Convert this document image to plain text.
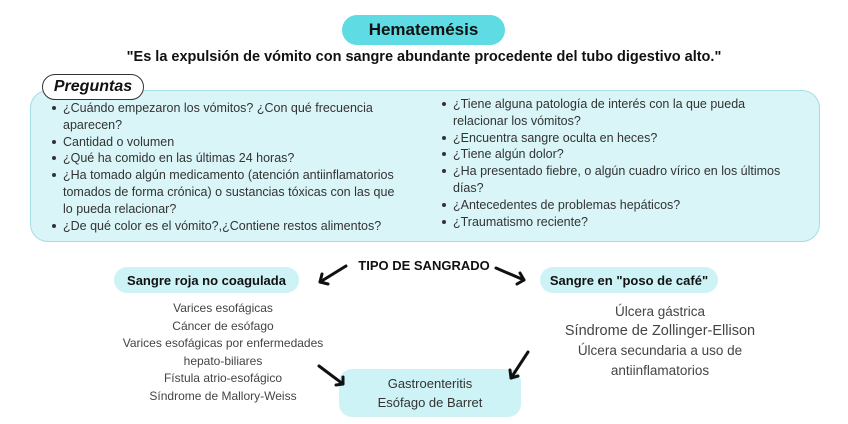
Hematemésis
"Es la expulsión de vómito con sangre abundante procedente del tubo digestivo alto."
Preguntas
¿Cuándo empezaron los vómitos? ¿Con qué frecuencia aparecen?
Cantidad o volumen
¿Qué ha comido en las últimas 24 horas?
¿Ha tomado algún medicamento (atención antiinflamatorios tomados de forma crónica) o sustancias tóxicas con las que lo pueda relacionar?
¿De qué color es el vómito?,¿Contiene restos alimentos?
¿Tiene alguna patología de interés con la que pueda relacionar los vómitos?
¿Encuentra sangre oculta en heces?
¿Tiene algún dolor?
¿Ha presentado fiebre, o algún cuadro vírico en los últimos días?
¿Antecedentes de problemas hepáticos?
¿Traumatismo reciente?
TIPO DE SANGRADO
Sangre roja no coagulada	Sangre en "poso de café"
Varices esofágicas
Cáncer de esófago
Varices esofágicas por enfermedades hepato-biliares
Fístula atrio-esofágico
Síndrome de Mallory-Weiss
Úlcera gástrica
Síndrome de Zollinger-Ellison
Úlcera secundaria a uso de antiinflamatorios
Gastroenteritis
Esófago de Barret
